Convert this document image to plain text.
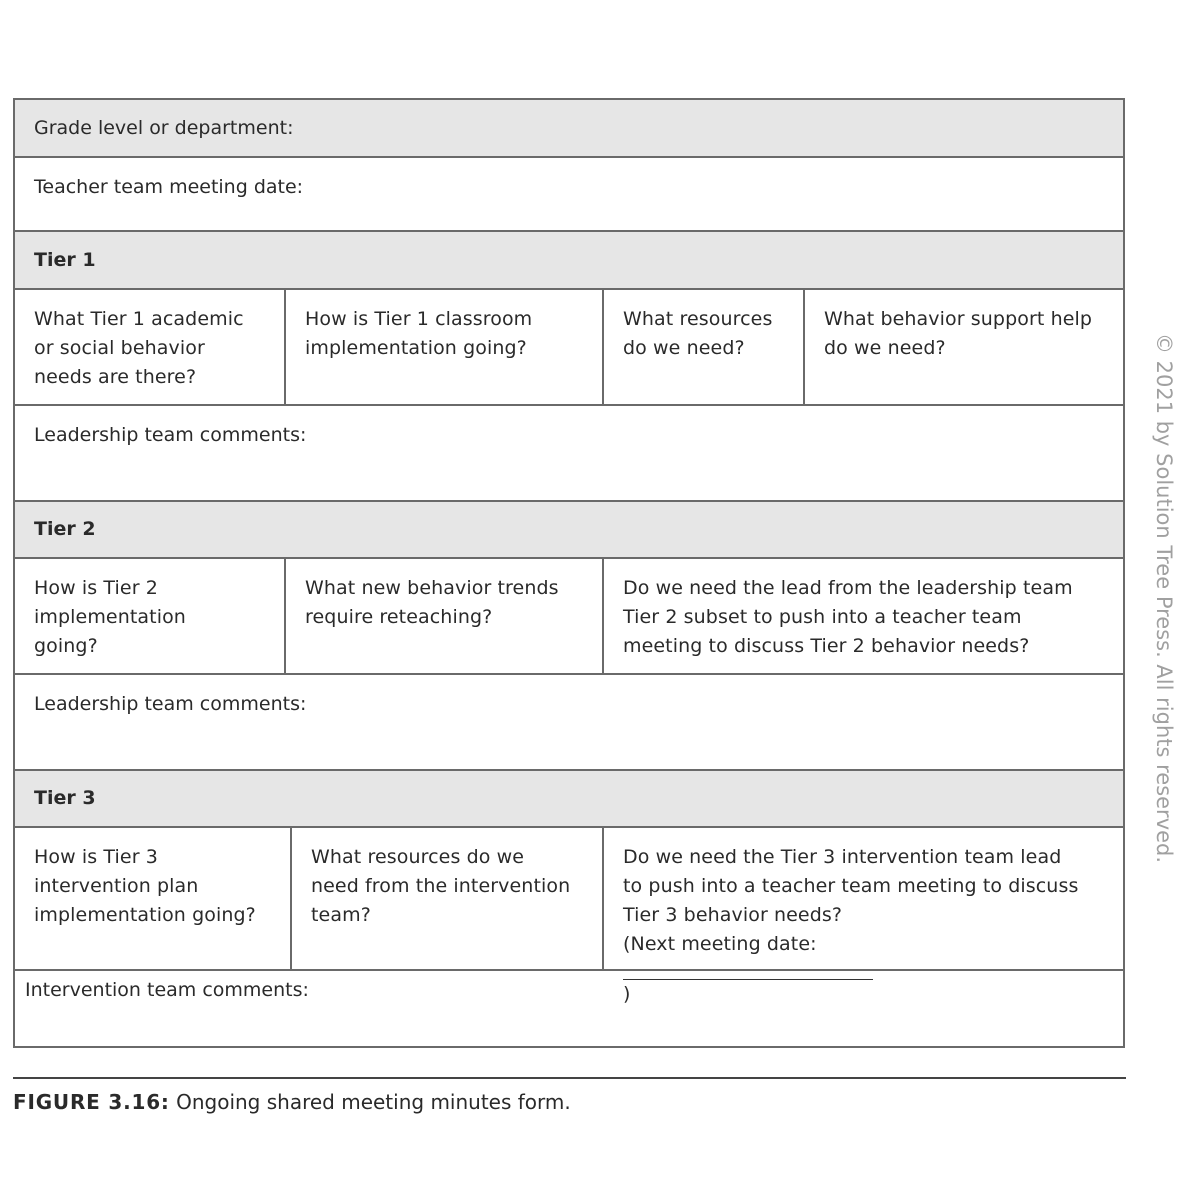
Grade level or department:
Teacher team meeting date:
Tier 1
What Tier 1 academic
or social behavior
needs are there?
How is Tier 1 classroom
implementation going?
What resources
do we need?
What behavior support help
do we need?
Leadership team comments:
Tier 2
How is Tier 2
implementation
going?
What new behavior trends
require reteaching?
Do we need the lead from the leadership team
Tier 2 subset to push into a teacher team
meeting to discuss Tier 2 behavior needs?
Leadership team comments:
Tier 3
How is Tier 3
intervention plan
implementation going?
What resources do we
need from the intervention
team?
Do we need the Tier 3 intervention team lead
to push into a teacher team meeting to discuss
Tier 3 behavior needs?
(Next meeting date:
)
Intervention team comments:
FIGURE 3.16: Ongoing shared meeting minutes form.
© 2021 by Solution Tree Press. All rights reserved.
